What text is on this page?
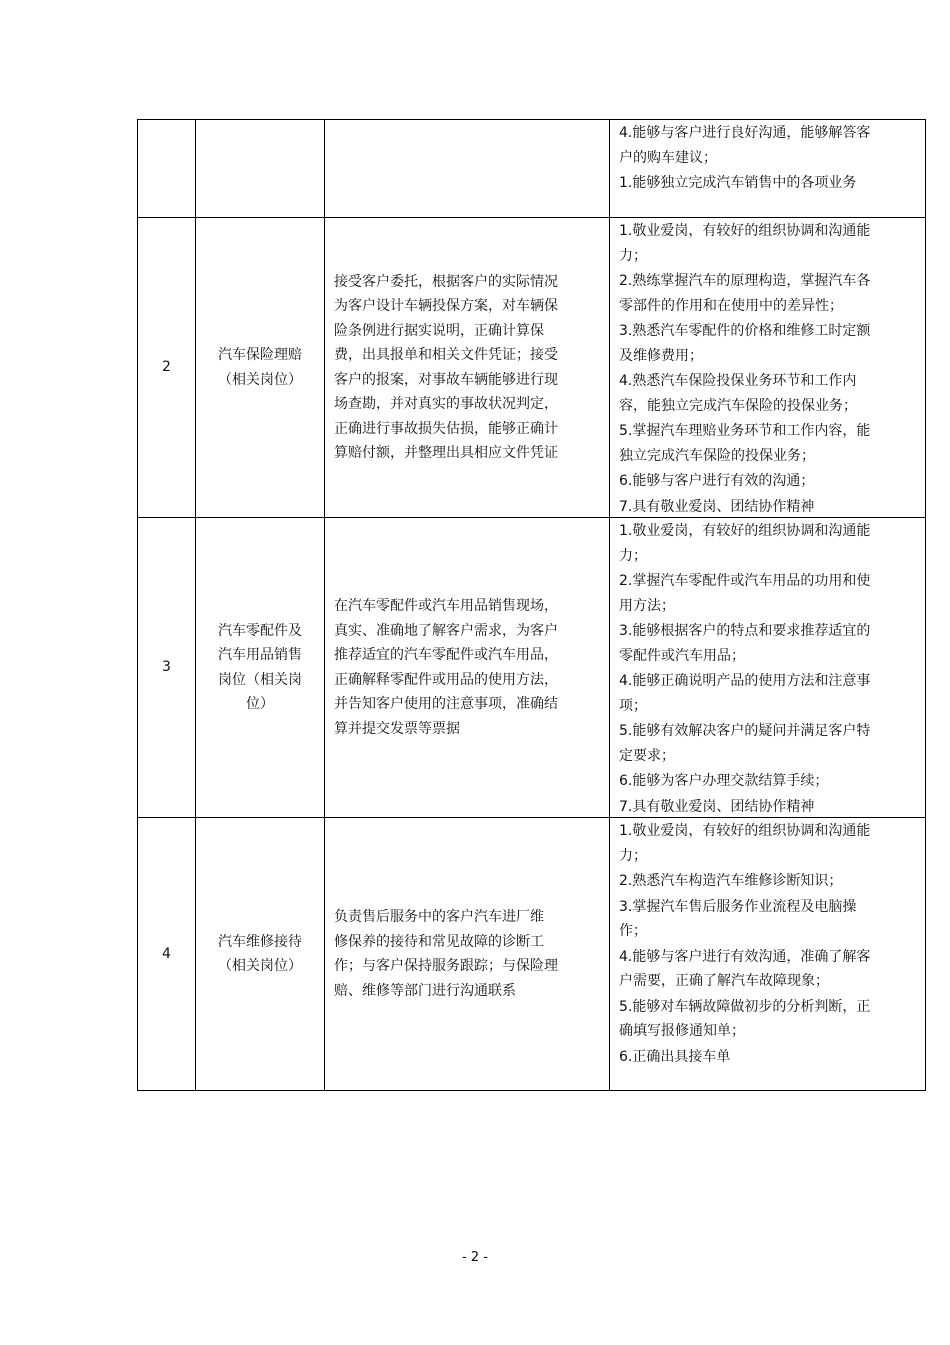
4.能够与客户进行良好沟通，能够解答客
户的购车建议；
1.能够独立完成汽车销售中的各项业务
2
汽车保险理赔
（相关岗位）
接受客户委托，根据客户的实际情况
为客户设计车辆投保方案，对车辆保
险条例进行据实说明，正确计算保
费，出具报单和相关文件凭证；接受
客户的报案，对事故车辆能够进行现
场查勘，并对真实的事故状况判定，
正确进行事故损失估损，能够正确计
算赔付额，并整理出具相应文件凭证
1.敬业爱岗，有较好的组织协调和沟通能
力；
2.熟练掌握汽车的原理构造，掌握汽车各
零部件的作用和在使用中的差异性；
3.熟悉汽车零配件的价格和维修工时定额
及维修费用；
4.熟悉汽车保险投保业务环节和工作内
容，能独立完成汽车保险的投保业务；
5.掌握汽车理赔业务环节和工作内容，能
独立完成汽车保险的投保业务；
6.能够与客户进行有效的沟通；
7.具有敬业爱岗、团结协作精神
3
汽车零配件及
汽车用品销售
岗位（相关岗
位）
在汽车零配件或汽车用品销售现场，
真实、准确地了解客户需求，为客户
推荐适宜的汽车零配件或汽车用品，
正确解释零配件或用品的使用方法，
并告知客户使用的注意事项，准确结
算并提交发票等票据
1.敬业爱岗，有较好的组织协调和沟通能
力；
2.掌握汽车零配件或汽车用品的功用和使
用方法；
3.能够根据客户的特点和要求推荐适宜的
零配件或汽车用品；
4.能够正确说明产品的使用方法和注意事
项；
5.能够有效解决客户的疑问并满足客户特
定要求；
6.能够为客户办理交款结算手续；
7.具有敬业爱岗、团结协作精神
4
汽车维修接待
（相关岗位）
负责售后服务中的客户汽车进厂维
修保养的接待和常见故障的诊断工
作；与客户保持服务跟踪；与保险理
赔、维修等部门进行沟通联系
1.敬业爱岗，有较好的组织协调和沟通能
力；
2.熟悉汽车构造汽车维修诊断知识；
3.掌握汽车售后服务作业流程及电脑操
作；
4.能够与客户进行有效沟通，准确了解客
户需要，正确了解汽车故障现象；
5.能够对车辆故障做初步的分析判断，正
确填写报修通知单；
6.正确出具接车单
- 2 -
